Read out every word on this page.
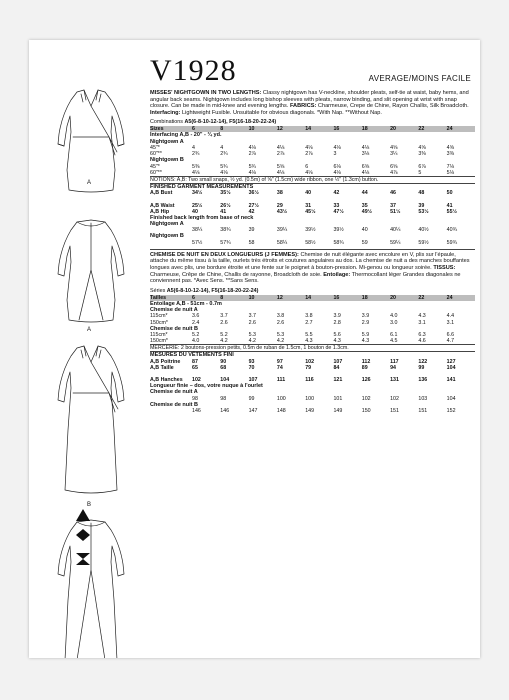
A
A
B
V1928	AVERAGE/MOINS FACILE
MISSES' NIGHTGOWN IN TWO LENGTHS: Classy nightgown has V-neckline, shoulder pleats, self-tie at waist, baby hems, and angular back seams. Nightgown includes long bishop sleeves with pleats, narrow binding, and slit opening at wrist with snap closure. Can be made in mid-knee and evening lengths. FABRICS: Charmeuse, Crepe de Chine, Rayon Challis, Silk Broadcloth. Interfacing: Lightweight Fusible. Unsuitable for obvious diagonals. *With Nap. **Without Nap.
Combinations A5(6-8-10-12-14), F5(16-18-20-22-24)
Sizes	6	8	10	12	14	16	18	20	22	24
Interfacing A,B - 20" - ¾ yd.										
Nightgown A										
45"*	4	4	4⅛	4⅛	4⅛	4⅛	4⅛	4⅝	4⅝	4⅝
60"**	2¾	2¾	2⅞	2⅞	2⅞	3	3⅛	3¼	3⅜	3⅜
Nightgown B										
45"*	5⅜	5¾	5¾	5⅝	6	6⅛	6⅝	6⅝	6⅞	7⅛
60"**	4⅛	4⅛	4⅛	4⅛	4⅛	4⅛	4⅛	4⅞	5	5⅛
NOTIONS: A,B: Two small snaps, ½ yd. (0.5m) of ⅝" (1.5cm) wide ribbon, one ½" (1.3cm) button.
FINISHED GARMENT MEASUREMENTS
A,B Bust	34½	35½	36½	38	40	42	44	46	48	50

A,B Waist	25½	26½	27½	29	31	33	35	37	39	41
A,B Hip	40	41	42	43½	45½	47½	49½	51½	53½	55½
Finished back length from base of neck										
Nightgown A										
	38¼	38¾	39	39¼	39½	39½	40	40¼	40½	40¾
Nightgown B										
	57½	57¾	58	58¼	58½	58¾	59	59¼	59½	59¾
CHEMISE DE NUIT EN DEUX LONGUEURS (J FEMMES): Chemise de nuit élégante avec encolure en V, plis sur l'épaule, attache du même tissu à la taille, ourlets très étroits et coutures angulaires au dos. La chemise de nuit a des manches bouffantes longues avec plis, une bordure étroite et une fente sur le poignet à bouton-pression. Mi-genou ou longueur soirée. TISSUS: Charmeuse, Crêpe de Chine, Challis de rayonne, Broadcloth de soie. Entoilage: Thermocollant léger Grandes diagonales ne conviennent pas. *Avec Sens. **Sans Sens.
Séries A5(6-8-10-12-14), F5(16-18-20-22-24)
Tailles	6	8	10	12	14	16	18	20	22	24
Entoilage A,B - 51cm - 0.7m										
Chemise de nuit A										
115cm*	3.6	3.7	3.7	3.8	3.8	3.9	3.9	4.0	4.3	4.4
150cm*	2.4	2.6	2.6	2.6	2.7	2.8	2.9	3.0	3.1	3.1
Chemise de nuit B										
115cm*	5.2	5.2	5.3	5.3	5.5	5.6	5.9	6.1	6.3	6.6
150cm*	4.0	4.2	4.2	4.2	4.3	4.3	4.3	4.5	4.6	4.7
MERCERIE: 2 boutons-pression petits, 0.5m de ruban de 1.5cm, 1 bouton de 1.3cm.
MESURES DU VÊTEMENTS FINI
A,B Poitrine	87	90	93	97	102	107	112	117	122	127
A,B Taille	65	68	70	74	79	84	89	94	99	104

A,B Hanches	102	104	107	111	116	121	126	131	136	141
Longueur finie – dos, votre nuque à l'ourlet										
Chemise de nuit A										
	98	98	99	100	100	101	102	102	103	104
Chemise de nuit B										
	146	146	147	148	149	149	150	151	151	152
